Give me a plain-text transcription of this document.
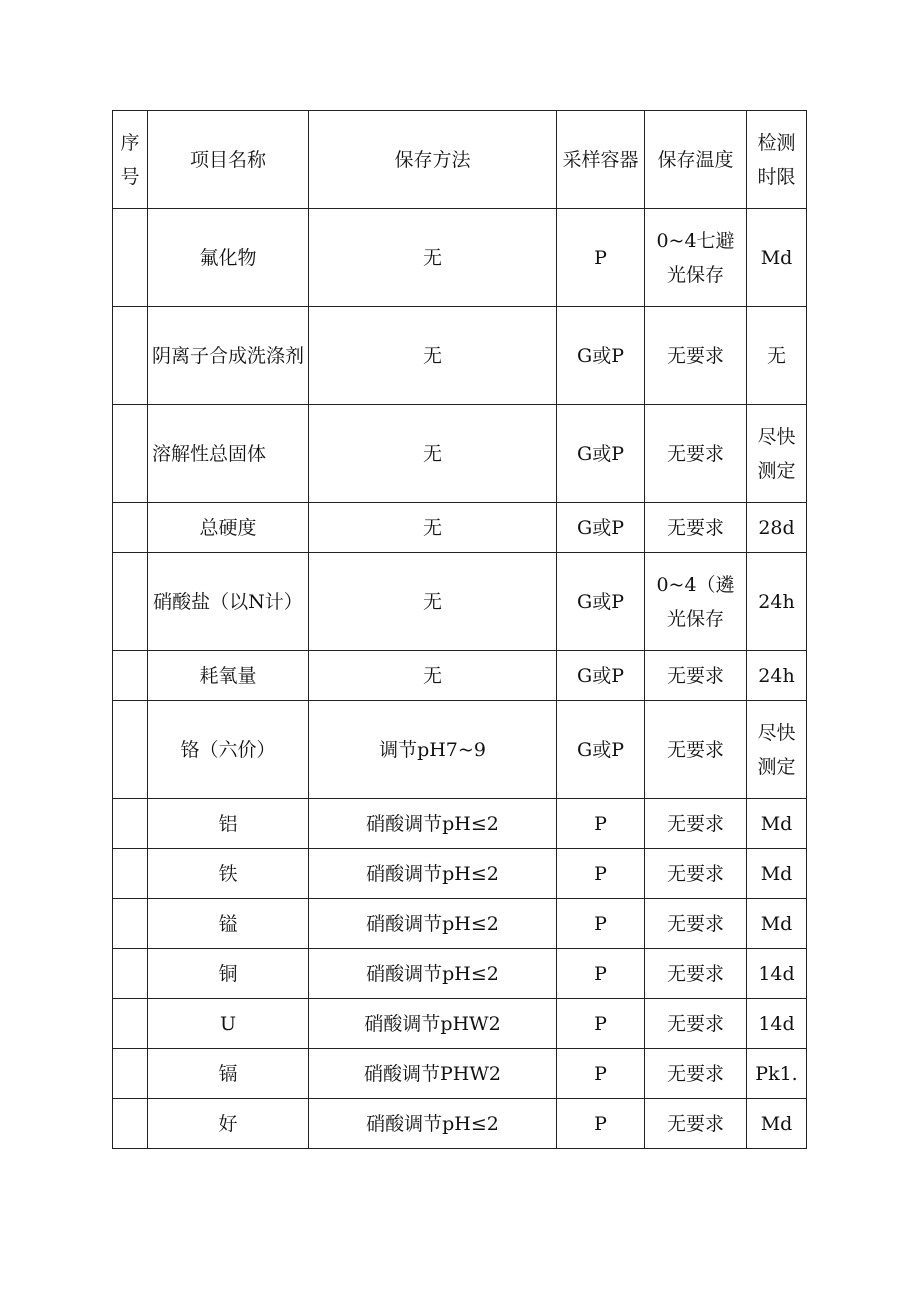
序号	项目名称	保存方法	采样容器	保存温度	检测时限
	氟化物	无	P	0~4七避光保存	Md
	阴离子合成洗涤剂	无	G或P	无要求	无
	溶解性总固体	无	G或P	无要求	尽快测定
	总硬度	无	G或P	无要求	28d
	硝酸盐（以N计）	无	G或P	0~4（遴光保存	24h
	耗氧量	无	G或P	无要求	24h
	铬（六价）	调节pH7~9	G或P	无要求	尽快测定
	铝	硝酸调节pH≤2	P	无要求	Md
	铁	硝酸调节pH≤2	P	无要求	Md
	镒	硝酸调节pH≤2	P	无要求	Md
	铜	硝酸调节pH≤2	P	无要求	14d
	U	硝酸调节pHW2	P	无要求	14d
	镉	硝酸调节PHW2	P	无要求	Pk1.
	好	硝酸调节pH≤2	P	无要求	Md
